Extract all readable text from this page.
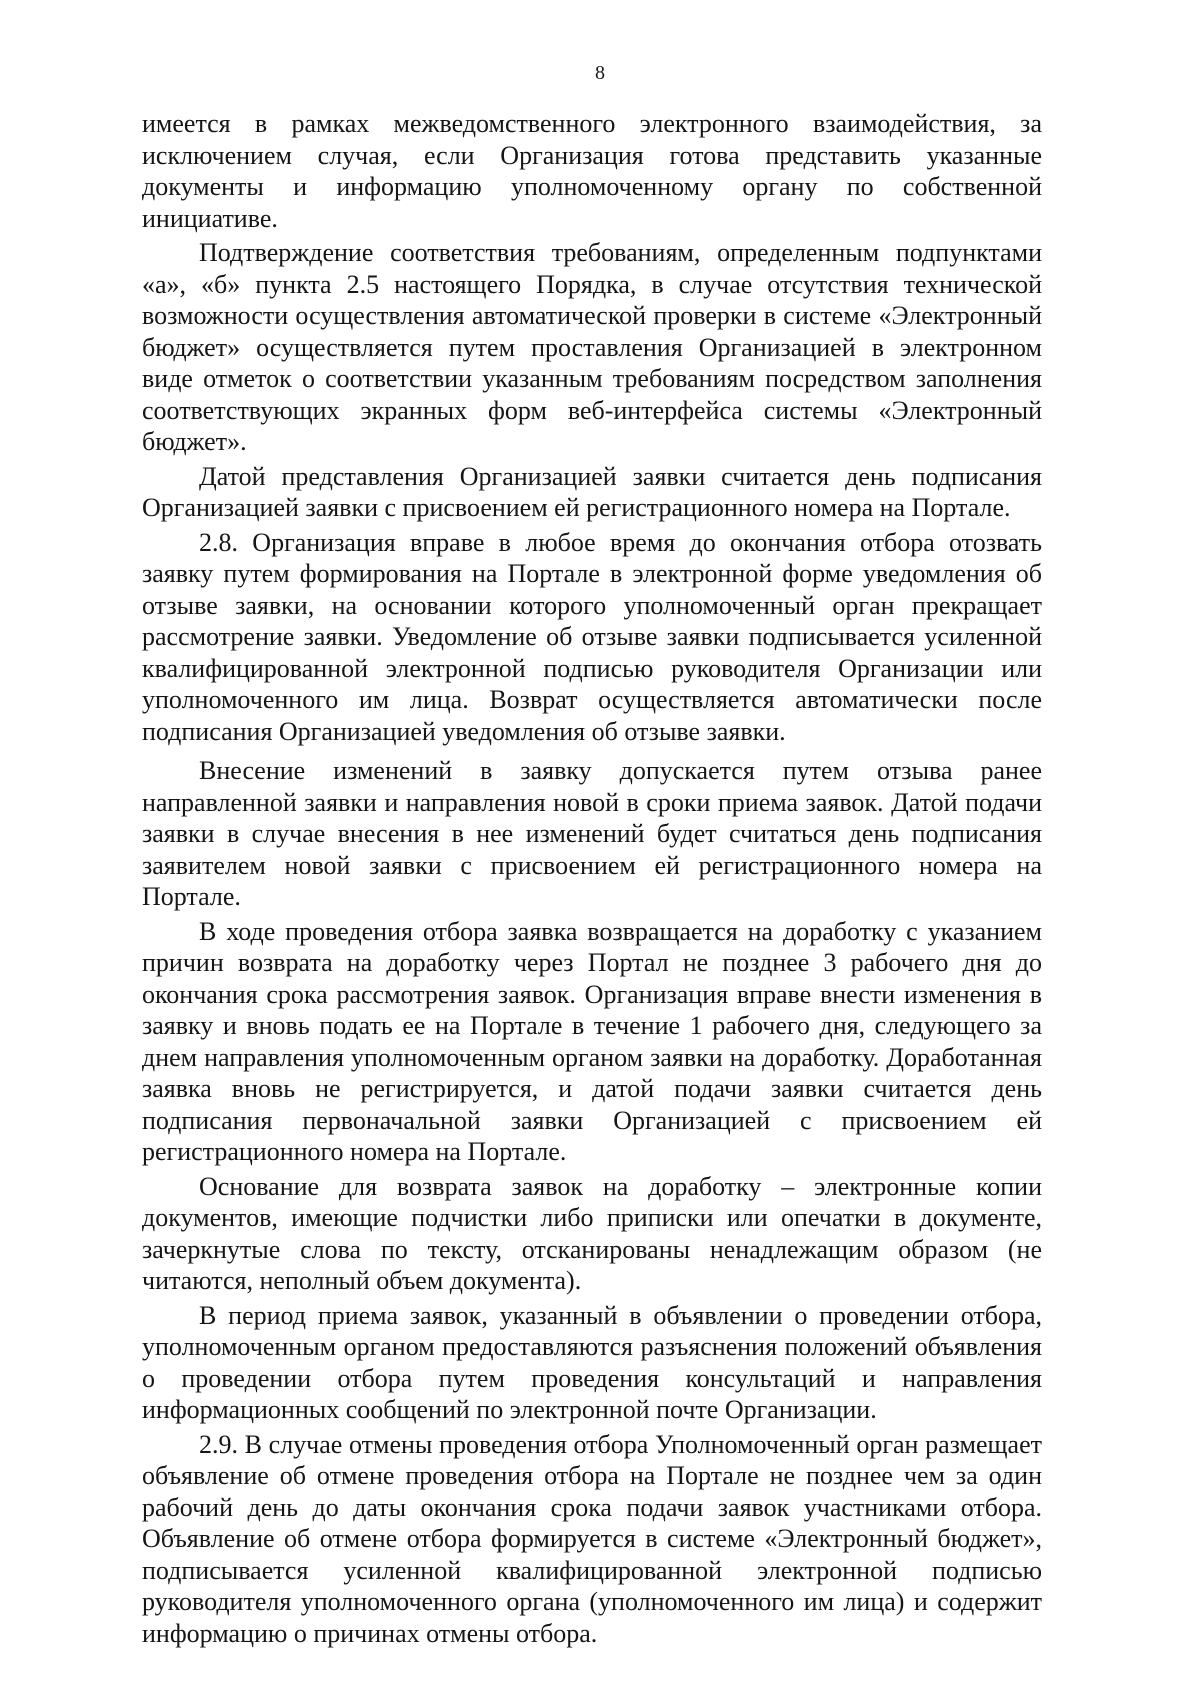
8

имеется в рамках межведомственного электронного взаимодействия, за исключением случая, если Организация готова представить указанные документы и информацию уполномоченному органу по собственной инициативе.

Подтверждение соответствия требованиям, определенным подпунктами «а», «б» пункта 2.5 настоящего Порядка, в случае отсутствия технической возможности осуществления автоматической проверки в системе «Электронный бюджет» осуществляется путем проставления Организацией в электронном виде отметок о соответствии указанным требованиям посредством заполнения соответствующих экранных форм веб-интерфейса системы «Электронный бюджет».

Датой представления Организацией заявки считается день подписания Организацией заявки с присвоением ей регистрационного номера на Портале.

2.8. Организация вправе в любое время до окончания отбора отозвать заявку путем формирования на Портале в электронной форме уведомления об отзыве заявки, на основании которого уполномоченный орган прекращает рассмотрение заявки. Уведомление об отзыве заявки подписывается усиленной квалифицированной электронной подписью руководителя Организации или уполномоченного им лица. Возврат осуществляется автоматически после подписания Организацией уведомления об отзыве заявки.

Внесение изменений в заявку допускается путем отзыва ранее направленной заявки и направления новой в сроки приема заявок. Датой подачи заявки в случае внесения в нее изменений будет считаться день подписания заявителем новой заявки с присвоением ей регистрационного номера на Портале.

В ходе проведения отбора заявка возвращается на доработку с указанием причин возврата на доработку через Портал не позднее 3 рабочего дня до окончания срока рассмотрения заявок. Организация вправе внести изменения в заявку и вновь подать ее на Портале в течение 1 рабочего дня, следующего за днем направления уполномоченным органом заявки на доработку. Доработанная заявка вновь не регистрируется, и датой подачи заявки считается день подписания первоначальной заявки Организацией с присвоением ей регистрационного номера на Портале.

Основание для возврата заявок на доработку – электронные копии документов, имеющие подчистки либо приписки или опечатки в документе, зачеркнутые слова по тексту, отсканированы ненадлежащим образом (не читаются, неполный объем документа).

В период приема заявок, указанный в объявлении о проведении отбора, уполномоченным органом предоставляются разъяснения положений объявления о проведении отбора путем проведения консультаций и направления информационных сообщений по электронной почте Организации.

2.9. В случае отмены проведения отбора Уполномоченный орган размещает объявление об отмене проведения отбора на Портале не позднее чем за один рабочий день до даты окончания срока подачи заявок участниками отбора. Объявление об отмене отбора формируется в системе «Электронный бюджет», подписывается усиленной квалифицированной электронной подписью руководителя уполномоченного органа (уполномоченного им лица) и содержит информацию о причинах отмены отбора.
